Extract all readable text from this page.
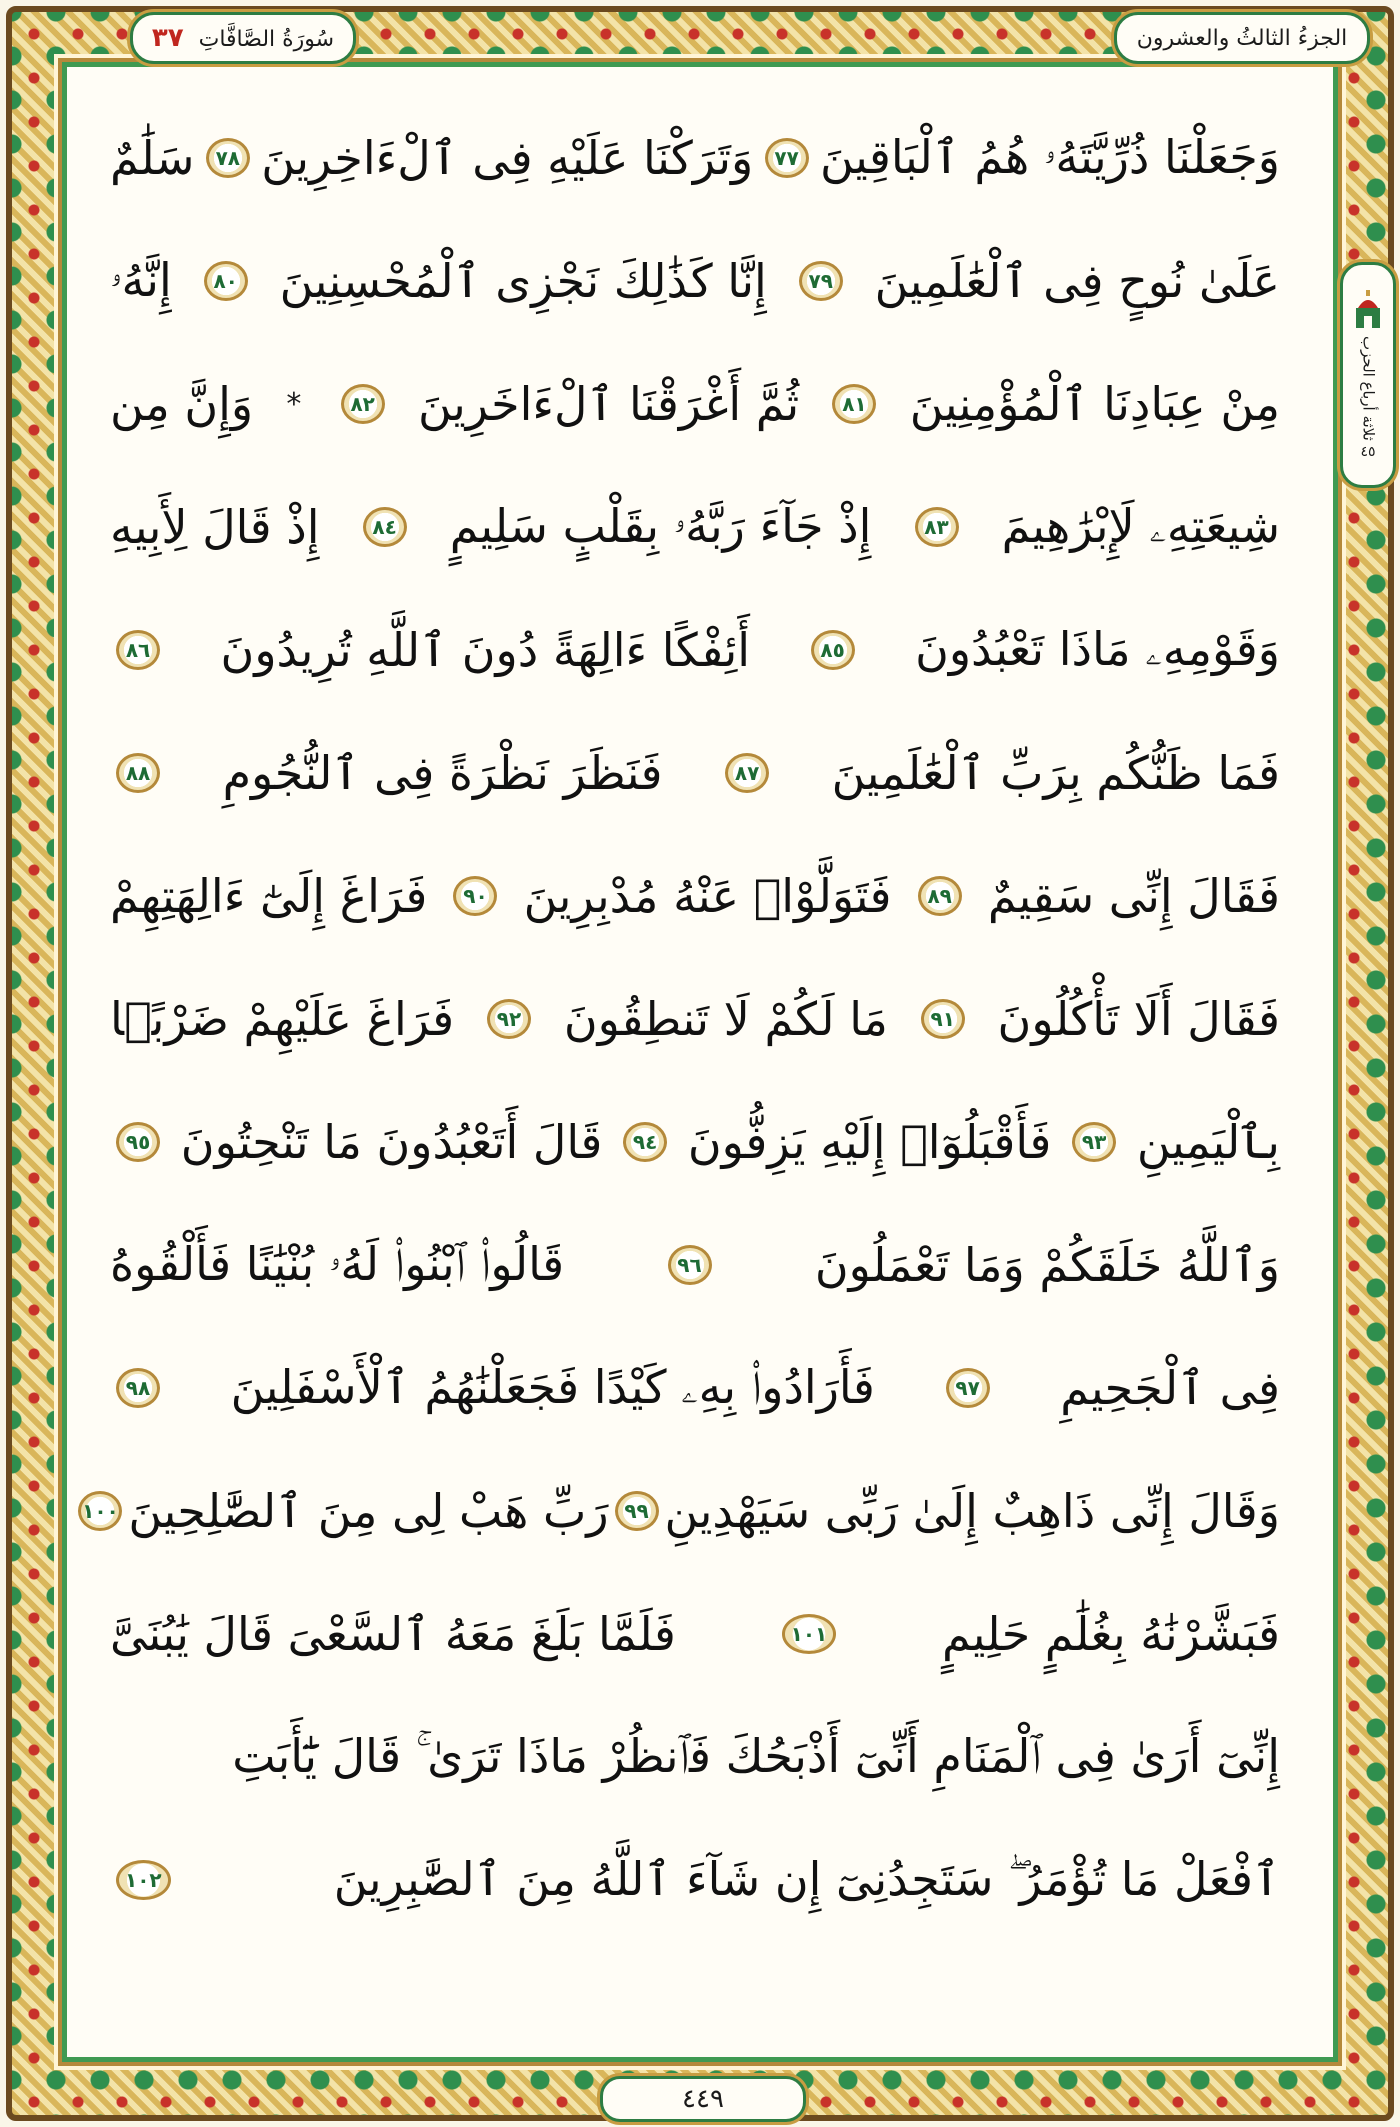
الجزءُ الثالثُ والعشرون
سُورَةُ الصَّافَّاتِ ٣٧
ثلاثة أرباع الحزب
٤٥
وَجَعَلْنَا ذُرِّيَّتَهُۥ هُمُ ٱلْبَاقِينَ
٧٧
وَتَرَكْنَا عَلَيْهِ فِى ٱلْءَاخِرِينَ
٧٨
سَلَٰمٌ
عَلَىٰ نُوحٍ فِى ٱلْعَٰلَمِينَ
٧٩
إِنَّا كَذَٰلِكَ نَجْزِى ٱلْمُحْسِنِينَ
٨٠
إِنَّهُۥ
مِنْ عِبَادِنَا ٱلْمُؤْمِنِينَ
٨١
ثُمَّ أَغْرَقْنَا ٱلْءَاخَرِينَ
٨٢
*
وَإِنَّ مِن
شِيعَتِهِۦ لَإِبْرَٰهِيمَ
٨٣
إِذْ جَآءَ رَبَّهُۥ بِقَلْبٍ سَلِيمٍ
٨٤
إِذْ قَالَ لِأَبِيهِ
وَقَوْمِهِۦ مَاذَا تَعْبُدُونَ
٨٥
أَئِفْكًا ءَالِهَةً دُونَ ٱللَّهِ تُرِيدُونَ
٨٦
فَمَا ظَنُّكُم بِرَبِّ ٱلْعَٰلَمِينَ
٨٧
فَنَظَرَ نَظْرَةً فِى ٱلنُّجُومِ
٨٨
فَقَالَ إِنِّى سَقِيمٌ
٨٩
فَتَوَلَّوْا۟ عَنْهُ مُدْبِرِينَ
٩٠
فَرَاغَ إِلَىٰٓ ءَالِهَتِهِمْ
فَقَالَ أَلَا تَأْكُلُونَ
٩١
مَا لَكُمْ لَا تَنطِقُونَ
٩٢
فَرَاغَ عَلَيْهِمْ ضَرْبًۢا
بِٱلْيَمِينِ
٩٣
فَأَقْبَلُوٓا۟ إِلَيْهِ يَزِفُّونَ
٩٤
قَالَ أَتَعْبُدُونَ مَا تَنْحِتُونَ
٩٥
وَٱللَّهُ خَلَقَكُمْ وَمَا تَعْمَلُونَ
٩٦
قَالُوا۟ ٱبْنُوا۟ لَهُۥ بُنْيَٰنًا فَأَلْقُوهُ
فِى ٱلْجَحِيمِ
٩٧
فَأَرَادُوا۟ بِهِۦ كَيْدًا فَجَعَلْنَٰهُمُ ٱلْأَسْفَلِينَ
٩٨
وَقَالَ إِنِّى ذَاهِبٌ إِلَىٰ رَبِّى سَيَهْدِينِ
٩٩
رَبِّ هَبْ لِى مِنَ ٱلصَّٰلِحِينَ
١٠٠
فَبَشَّرْنَٰهُ بِغُلَٰمٍ حَلِيمٍ
١٠١
فَلَمَّا بَلَغَ مَعَهُ ٱلسَّعْىَ قَالَ يَٰبُنَىَّ
إِنِّىٓ أَرَىٰ فِى ٱلْمَنَامِ أَنِّىٓ أَذْبَحُكَ فَٱنظُرْ مَاذَا تَرَىٰ ۚ قَالَ يَٰٓأَبَتِ
ٱفْعَلْ مَا تُؤْمَرُ ۖ سَتَجِدُنِىٓ إِن شَآءَ ٱللَّهُ مِنَ ٱلصَّٰبِرِينَ
١٠٢
٤٤٩
